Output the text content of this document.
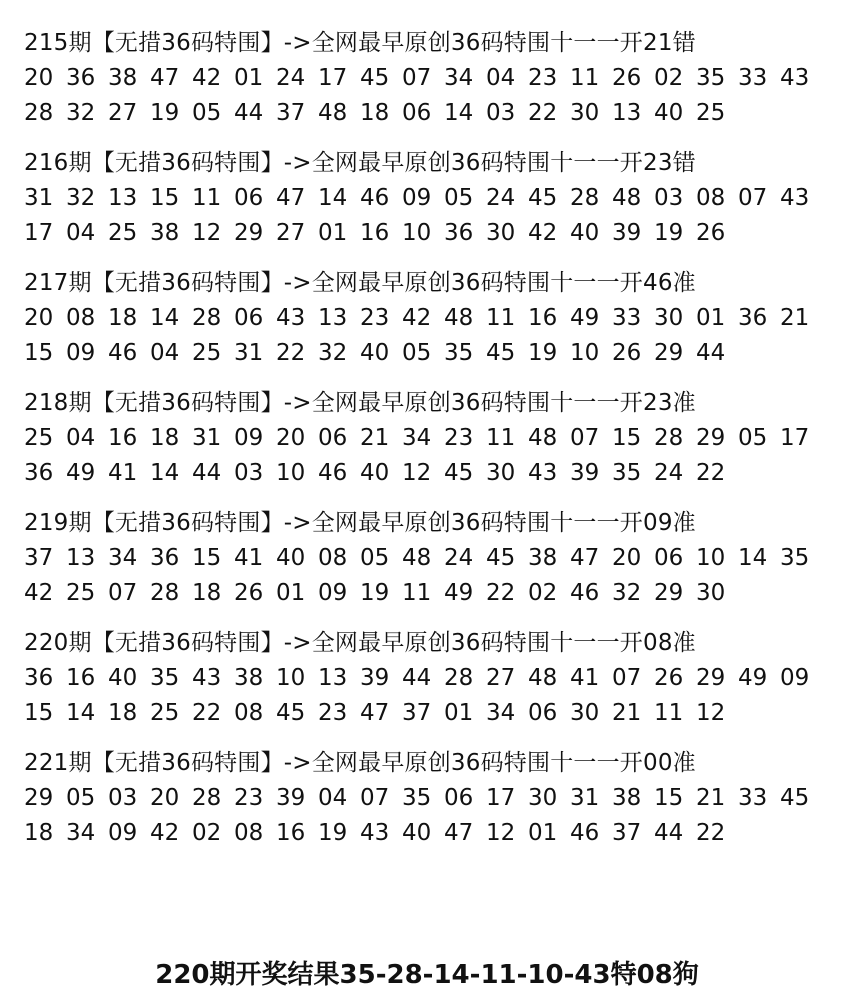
215期【无措36码特围】->全网最早原创36码特围十一一开21错
20 36 38 47 42 01 24 17 45 07 34 04 23 11 26 02 35 33 43
28 32 27 19 05 44 37 48 18 06 14 03 22 30 13 40 25
216期【无措36码特围】->全网最早原创36码特围十一一开23错
31 32 13 15 11 06 47 14 46 09 05 24 45 28 48 03 08 07 43
17 04 25 38 12 29 27 01 16 10 36 30 42 40 39 19 26
217期【无措36码特围】->全网最早原创36码特围十一一开46准
20 08 18 14 28 06 43 13 23 42 48 11 16 49 33 30 01 36 21
15 09 46 04 25 31 22 32 40 05 35 45 19 10 26 29 44
218期【无措36码特围】->全网最早原创36码特围十一一开23准
25 04 16 18 31 09 20 06 21 34 23 11 48 07 15 28 29 05 17
36 49 41 14 44 03 10 46 40 12 45 30 43 39 35 24 22
219期【无措36码特围】->全网最早原创36码特围十一一开09准
37 13 34 36 15 41 40 08 05 48 24 45 38 47 20 06 10 14 35
42 25 07 28 18 26 01 09 19 11 49 22 02 46 32 29 30
220期【无措36码特围】->全网最早原创36码特围十一一开08准
36 16 40 35 43 38 10 13 39 44 28 27 48 41 07 26 29 49 09
15 14 18 25 22 08 45 23 47 37 01 34 06 30 21 11 12
221期【无措36码特围】->全网最早原创36码特围十一一开00准
29 05 03 20 28 23 39 04 07 35 06 17 30 31 38 15 21 33 45
18 34 09 42 02 08 16 19 43 40 47 12 01 46 37 44 22
220期开奖结果35-28-14-11-10-43特08狗
